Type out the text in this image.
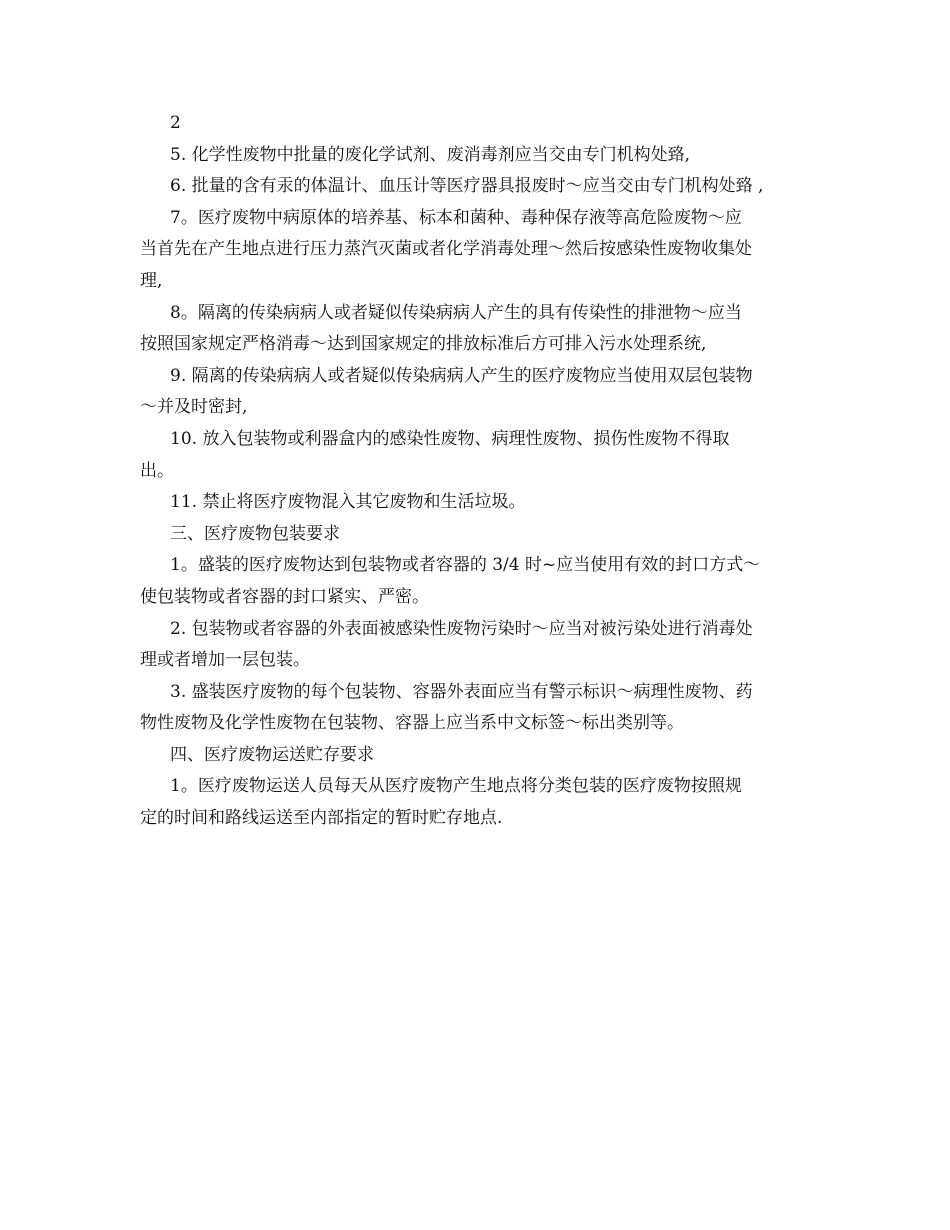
2

5. 化学性废物中批量的废化学试剂、废消毒剂应当交由专门机构处臵,

6. 批量的含有汞的体温计、血压计等医疗器具报废时～应当交由专门机构处臵 ,

7。医疗废物中病原体的培养基、标本和菌种、毒种保存液等高危险废物～应

当首先在产生地点进行压力蒸汽灭菌或者化学消毒处理～然后按感染性废物收集处

理,

8。隔离的传染病病人或者疑似传染病病人产生的具有传染性的排泄物～应当

按照国家规定严格消毒～达到国家规定的排放标准后方可排入污水处理系统,

9. 隔离的传染病病人或者疑似传染病病人产生的医疗废物应当使用双层包装物

～并及时密封,

10. 放入包装物或利器盒内的感染性废物、病理性废物、损伤性废物不得取

出。

11. 禁止将医疗废物混入其它废物和生活垃圾。

三、医疗废物包装要求

1。盛装的医疗废物达到包装物或者容器的 3/4 时~应当使用有效的封口方式～

使包装物或者容器的封口紧实、严密。

2. 包装物或者容器的外表面被感染性废物污染时～应当对被污染处进行消毒处

理或者增加一层包装。

3. 盛装医疗废物的每个包装物、容器外表面应当有警示标识～病理性废物、药

物性废物及化学性废物在包装物、容器上应当系中文标签～标出类别等。

四、医疗废物运送贮存要求

1。医疗废物运送人员每天从医疗废物产生地点将分类包装的医疗废物按照规

定的时间和路线运送至内部指定的暂时贮存地点.
